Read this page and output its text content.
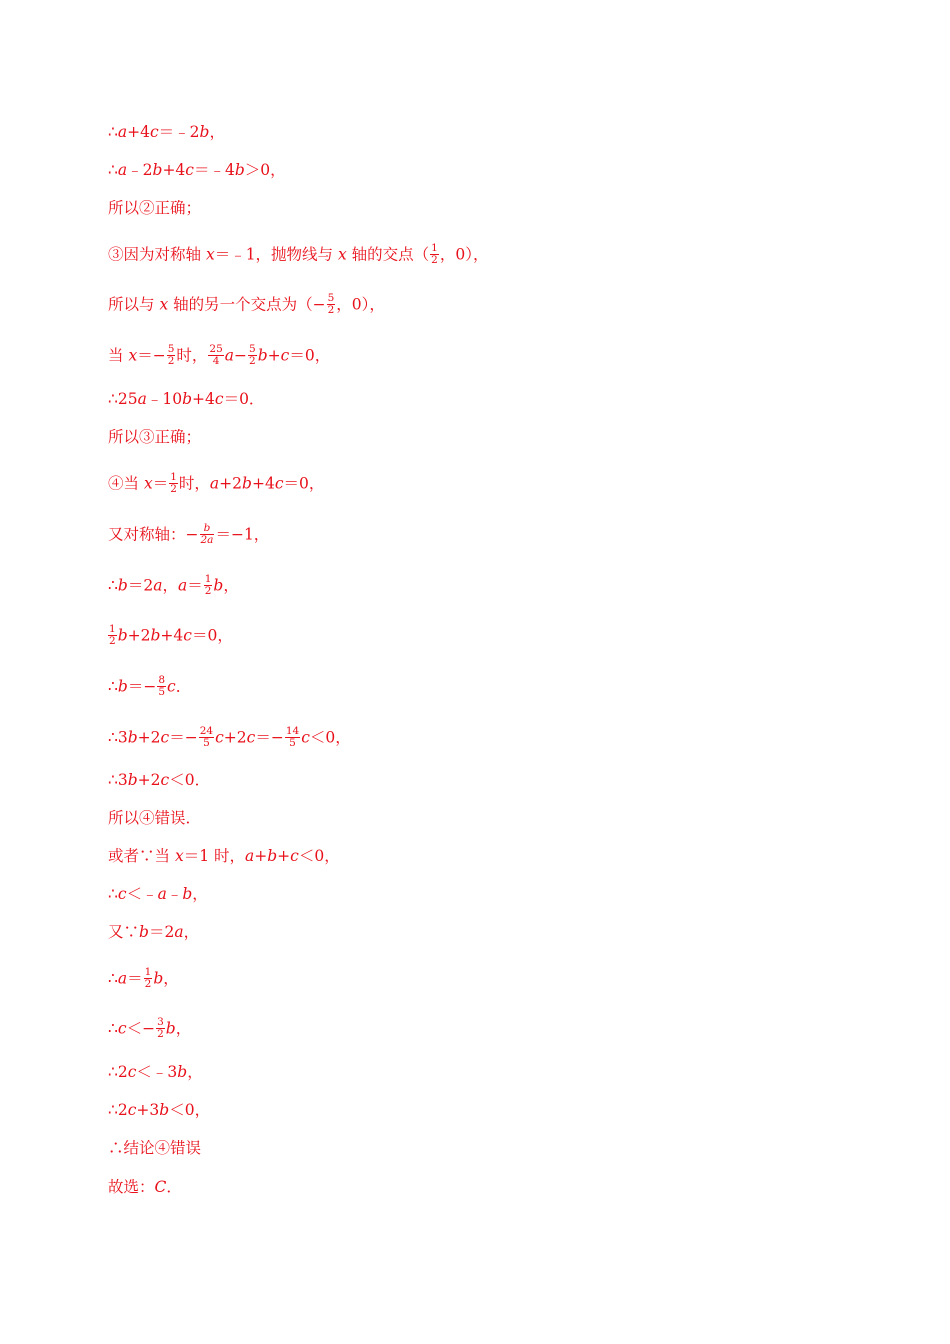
∴a+4c＝﹣2b，
∴a﹣2b+4c＝﹣4b＞0，
所以②正确；
③因为对称轴 x＝﹣1，抛物线与 x 轴的交点（ $\frac{1}{2}$ ，0），
所以与 x 轴的另一个交点为（− $\frac{5}{2}$ ，0），
当 $x=- \frac{5}{2}$ 时， $\frac{25}{4} a- \frac{5}{2} b+c=0$，
∴25a﹣10b+4c＝0．
所以③正确；
④当 $x= \frac{1}{2}$ 时，a+2b+4c＝0，
又对称轴：− $\frac{b}{2a} =-1$，
∴b＝2a，$a= \frac{1}{2}$ b，
$\frac{1}{2} b+2b+4c=0$，
∴b＝− $\frac{8}{5}$ c．
∴3b+2c＝− $\frac{24}{5} c+2c=- \frac{14}{5} c<0$，
∴3b+2c＜0．
所以④错误．
或者∵当 x＝1 时，a+b+c＜0，
∴c＜﹣a﹣b，
又∵b＝2a，
∴a＝ $\frac{1}{2}$ b，
∴c＜− $\frac{3}{2}$ b，
∴2c＜﹣3b，
∴2c+3b＜0，
∴结论④错误
故选：C．
